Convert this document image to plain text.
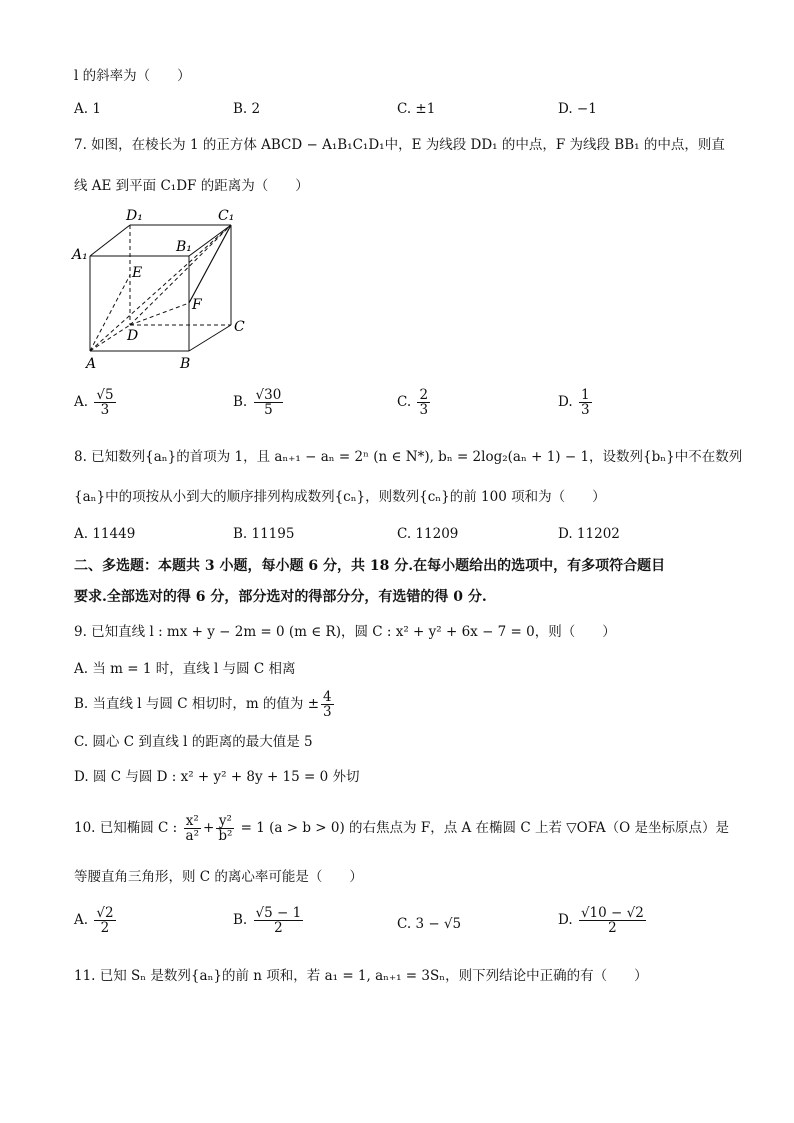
l 的斜率为（　　）
A. 1	B. 2	C. ±1	D. −1
7. 如图，在棱长为 1 的正方体 ABCD − A₁B₁C₁D₁中，E 为线段 DD₁ 的中点，F 为线段 BB₁ 的中点，则直
线 AE 到平面 C₁DF 的距离为（　　）
D₁	C₁
A₁	B₁
E
F
D
C
A	B
A. $\frac{√5}{3}$	B. $\frac{√30}{5}$	C. $\frac{2}{3}$	D. $\frac{1}{3}$
8. 已知数列{aₙ}的首项为 1，且 aₙ₊₁ − aₙ = 2ⁿ (n ∈ N*), bₙ = 2log₂(aₙ + 1) − 1，设数列{bₙ}中不在数列
{aₙ}中的项按从小到大的顺序排列构成数列{cₙ}，则数列{cₙ}的前 100 项和为（　　）
A. 11449	B. 11195	C. 11209	D. 11202
二、多选题：本题共 3 小题，每小题 6 分，共 18 分.在每小题给出的选项中，有多项符合题目
要求.全部选对的得 6 分，部分选对的得部分分，有选错的得 0 分.
9. 已知直线 l : mx + y − 2m = 0 (m ∈ R)，圆 C : x² + y² + 6x − 7 = 0，则（　　）
A. 当 m = 1 时，直线 l 与圆 C 相离
B. 当直线 l 与圆 C 相切时，m 的值为 ± $\frac{4}{3}$
C. 圆心 C 到直线 l 的距离的最大值是 5
D. 圆 C 与圆 D : x² + y² + 8y + 15 = 0 外切
10. 已知椭圆 C : $\frac{\text{x²}}{\text{a²}} + \frac{\text{y²}}{\text{b²}} = 1$ (a > b > 0) 的右焦点为 F，点 A 在椭圆 C 上若 ▽OFA（O 是坐标原点）是
等腰直角三角形，则 C 的离心率可能是（　　）
A. $\frac{√2}{2}$	B. $\frac{√5 - 1}{2}$	C. 3 − √5	D. $\frac{√10 - √2}{2}$
11. 已知 Sₙ 是数列{aₙ}的前 n 项和，若 a₁ = 1, aₙ₊₁ = 3Sₙ，则下列结论中正确的有（　　）
